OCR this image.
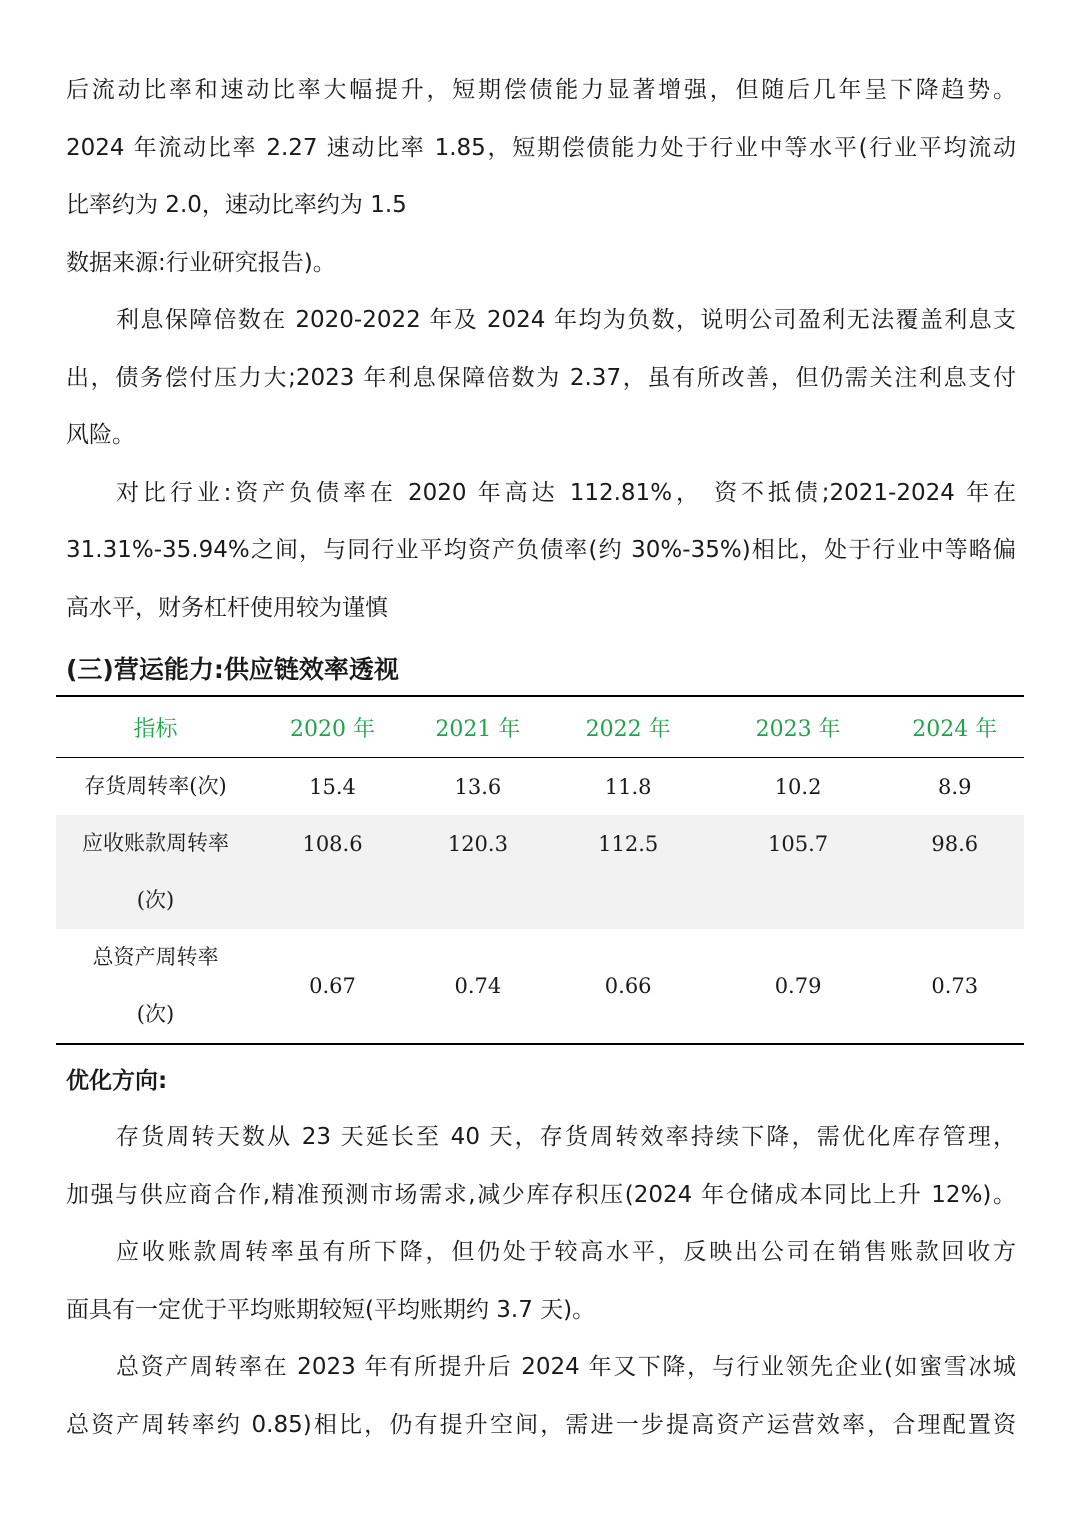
后流动比率和速动比率大幅提升，短期偿债能力显著增强，但随后几年呈下降趋势。
2024 年流动比率 2.27 速动比率 1.85，短期偿债能力处于行业中等水平(行业平均流动
比率约为 2.0，速动比率约为 1.5
数据来源:行业研究报告)。

利息保障倍数在 2020-2022 年及 2024 年均为负数，说明公司盈利无法覆盖利息支
出，债务偿付压力大;2023 年利息保障倍数为 2.37，虽有所改善，但仍需关注利息支付
风险。

对比行业:资产负债率在 2020 年高达 112.81%， 资不抵债;2021-2024 年在
31.31%-35.94%之间，与同行业平均资产负债率(约 30%-35%)相比，处于行业中等略偏
高水平，财务杠杆使用较为谨慎

(三)营运能力:供应链效率透视
指标	2020 年	2021 年	2022 年	2023 年	2024 年
存货周转率(次)	15.4	13.6	11.8	10.2	8.9

应收账款周转率
(次)	108.6	120.3	112.5	105.7	98.6

总资产周转率
(次)	0.67	0.74	0.66	0.79	0.73
优化方向:

存货周转天数从 23 天延长至 40 天，存货周转效率持续下降，需优化库存管理，
加强与供应商合作,精准预测市场需求,减少库存积压(2024 年仓储成本同比上升 12%)。

应收账款周转率虽有所下降，但仍处于较高水平，反映出公司在销售账款回收方
面具有一定优于平均账期较短(平均账期约 3.7 天)。

总资产周转率在 2023 年有所提升后 2024 年又下降，与行业领先企业(如蜜雪冰城
总资产周转率约 0.85)相比，仍有提升空间，需进一步提高资产运营效率，合理配置资
